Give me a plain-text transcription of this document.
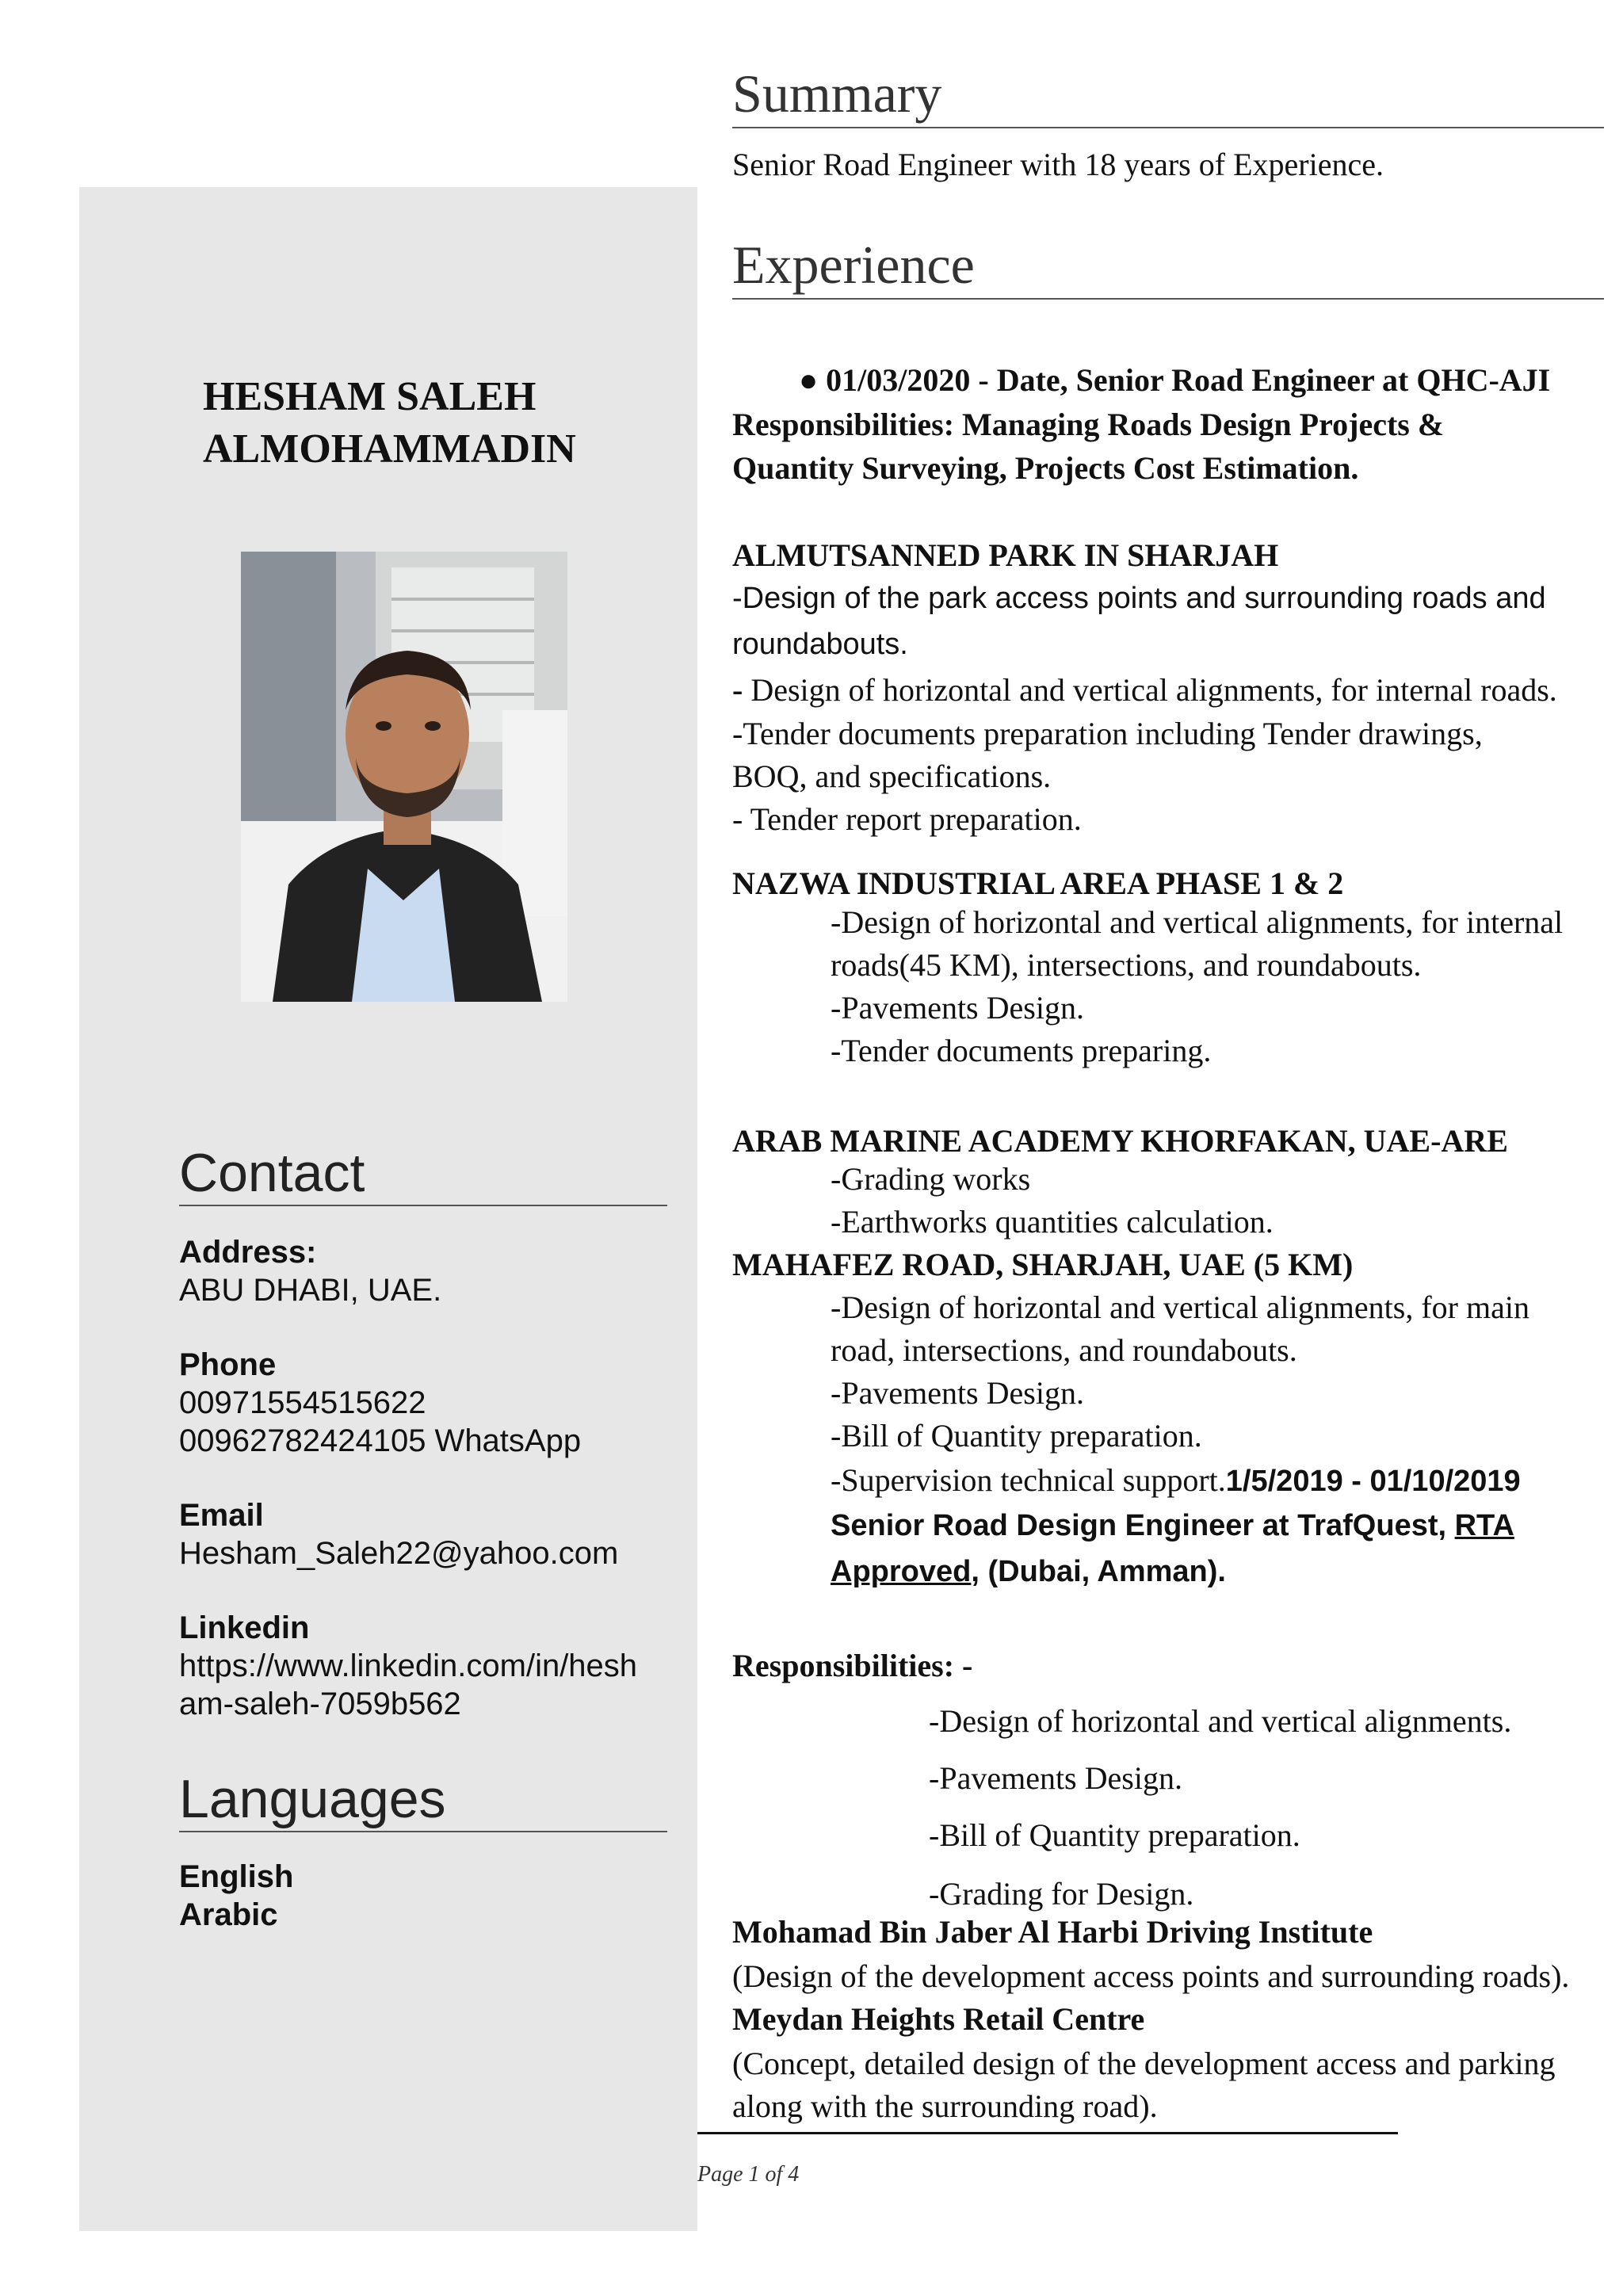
HESHAM SALEH
ALMOHAMMADIN
Contact
Address:
ABU DHABI, UAE.
Phone
00971554515622
00962782424105 WhatsApp
Email
Hesham_Saleh22@yahoo.com
Linkedin
https://www.linkedin.com/in/hesh
am-saleh-7059b562
Languages
English
Arabic
Summary
Senior Road Engineer with 18 years of Experience.
Experience
● 01/03/2020 - Date, Senior Road Engineer at QHC-AJI
Responsibilities: Managing Roads Design Projects &
Quantity Surveying, Projects Cost Estimation.
ALMUTSANNED PARK IN SHARJAH
-Design of the park access points and surrounding roads and
roundabouts.
- Design of horizontal and vertical alignments, for internal roads.
-Tender documents preparation including Tender drawings,
BOQ, and specifications.
- Tender report preparation.
NAZWA INDUSTRIAL AREA PHASE 1 & 2
-Design of horizontal and vertical alignments, for internal
roads(45 KM), intersections, and roundabouts.
-Pavements Design.
-Tender documents preparing.
ARAB MARINE ACADEMY KHORFAKAN, UAE-ARE
-Grading works
-Earthworks quantities calculation.
MAHAFEZ ROAD, SHARJAH, UAE (5 KM)
-Design of horizontal and vertical alignments, for main
road, intersections, and roundabouts.
-Pavements Design.
-Bill of Quantity preparation.
-Supervision technical support.1/5/2019 - 01/10/2019
Senior Road Design Engineer at TrafQuest, RTA
Approved, (Dubai, Amman).
Responsibilities: -
-Design of horizontal and vertical alignments.
-Pavements Design.
-Bill of Quantity preparation.
-Grading for Design.
Mohamad Bin Jaber Al Harbi Driving Institute
(Design of the development access points and surrounding roads).
Meydan Heights Retail Centre
(Concept, detailed design of the development access and parking
along with the surrounding road).
Page 1 of 4
